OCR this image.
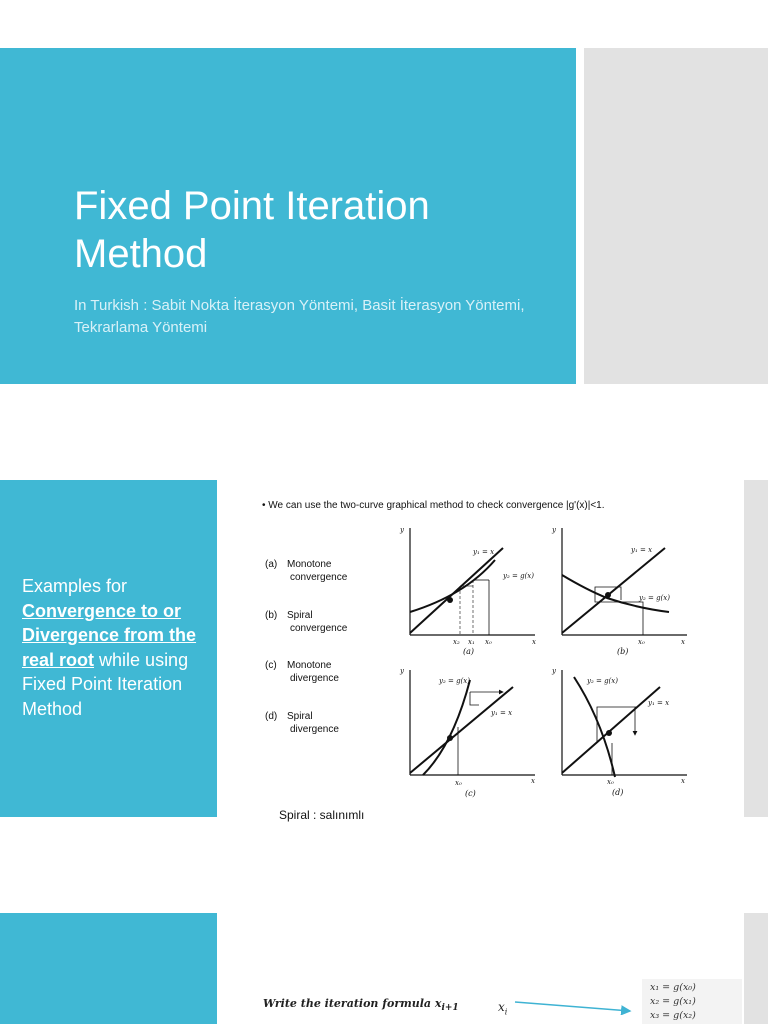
Fixed Point Iteration Method

In Turkish : Sabit Nokta İterasyon Yöntemi, Basit İterasyon Yöntemi, Tekrarlama Yöntemi

Examples for Convergence to or Divergence from the real root while using Fixed Point Iteration Method

• We can use the two-curve graphical method to check convergence |g'(x)|<1.
(a) Monotone
convergence
(b) Spiral
convergence
(c) Monotone
divergence
(d) Spiral
divergence
y
x
y₁ = x
y₂ = g(x)
x₂ x₁ x₀
(a)
y
x
y₁ = x
y₂ = g(x)
x₀
(b)
y
x
y₂ = g(x)
y₁ = x
x₀
(c)
y
x
y₂ = g(x)
y₁ = x
x₀
(d)
Spiral : salınımlı
Write the iteration formula $x_{i+1}$	$x_i$
x₁ = g(x₀)
x₂ = g(x₁)
x₃ = g(x₂)
